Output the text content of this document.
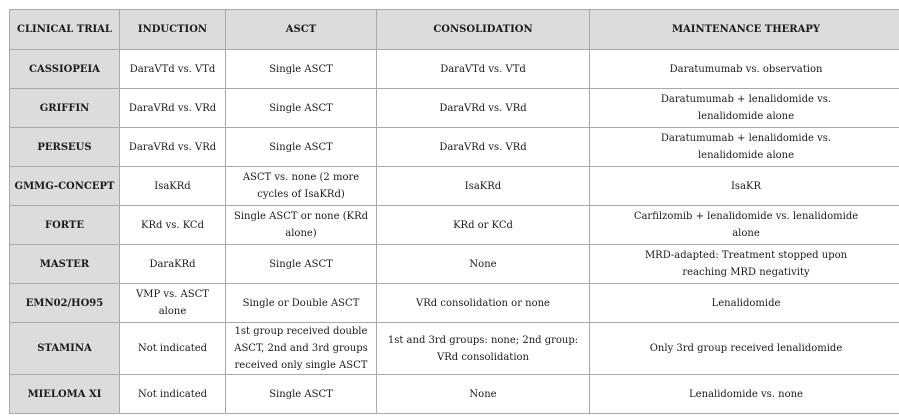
CLINICAL TRIAL	INDUCTION	ASCT	CONSOLIDATION	MAINTENANCE THERAPY
CASSIOPEIA	DaraVTd vs. VTd	Single ASCT	DaraVTd vs. VTd	Daratumumab vs. observation
GRIFFIN	DaraVRd vs. VRd	Single ASCT	DaraVRd vs. VRd	Daratumumab + lenalidomide vs. lenalidomide alone
PERSEUS	DaraVRd vs. VRd	Single ASCT	DaraVRd vs. VRd	Daratumumab + lenalidomide vs. lenalidomide alone
GMMG-CONCEPT	IsaKRd	ASCT vs. none (2 more cycles of IsaKRd)	IsaKRd	IsaKR
FORTE	KRd vs. KCd	Single ASCT or none (KRd alone)	KRd or KCd	Carfilzomib + lenalidomide vs. lenalidomide alone
MASTER	DaraKRd	Single ASCT	None	MRD-adapted: Treatment stopped upon reaching MRD negativity
EMN02/HO95	VMP vs. ASCT alone	Single or Double ASCT	VRd consolidation or none	Lenalidomide
STAMINA	Not indicated	1st group received double ASCT, 2nd and 3rd groups received only single ASCT	1st and 3rd groups: none; 2nd group: VRd consolidation	Only 3rd group received lenalidomide
MIELOMA XI	Not indicated	Single ASCT	None	Lenalidomide vs. none
